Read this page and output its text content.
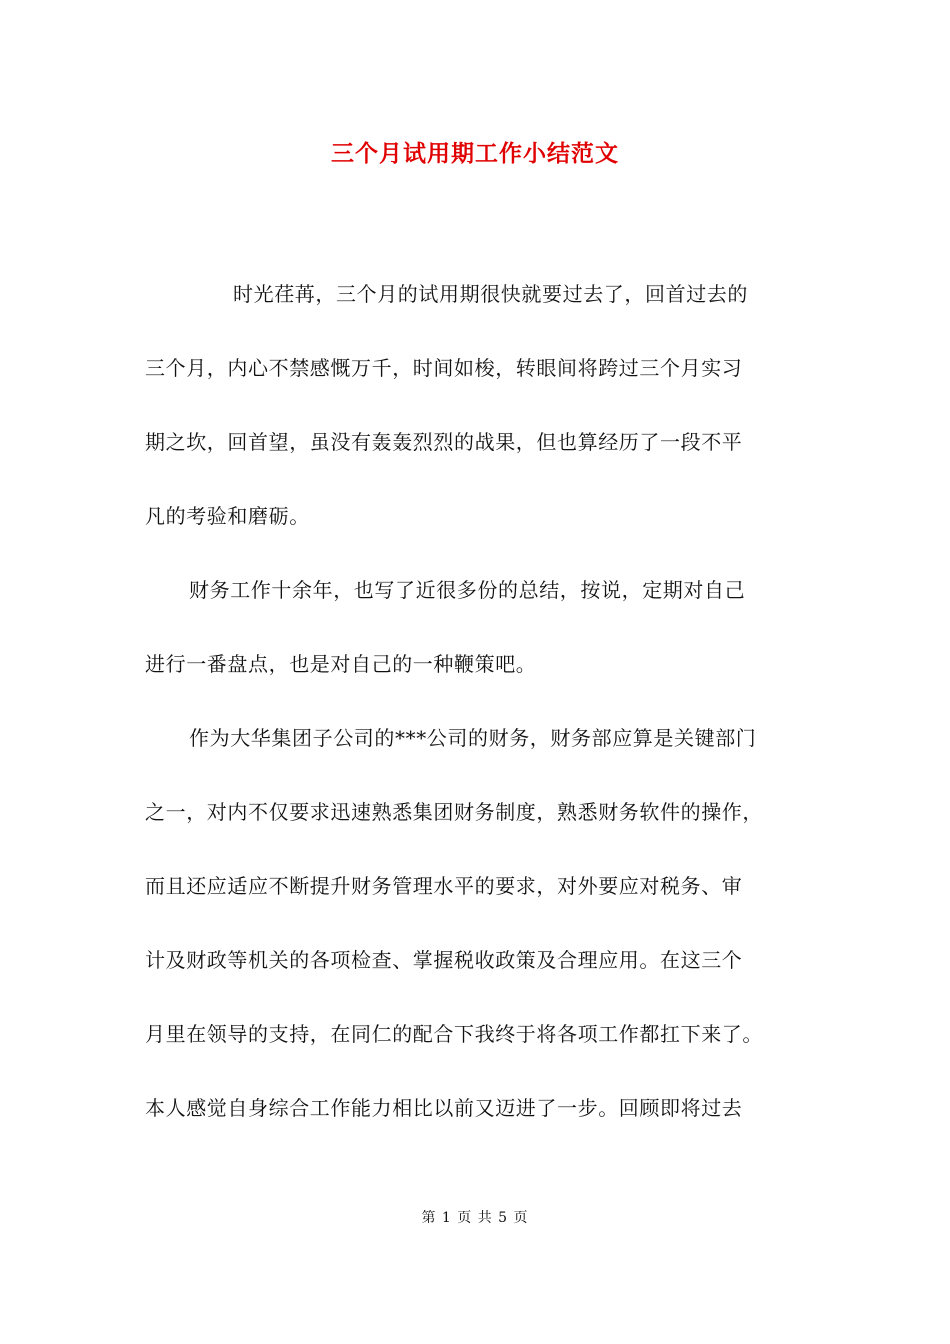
三个月试用期工作小结范文
时光荏苒，三个月的试用期很快就要过去了，回首过去的
三个月，内心不禁感慨万千，时间如梭，转眼间将跨过三个月实习
期之坎，回首望，虽没有轰轰烈烈的战果，但也算经历了一段不平
凡的考验和磨砺。
财务工作十余年，也写了近很多份的总结，按说，定期对自己
进行一番盘点，也是对自己的一种鞭策吧。
作为大华集团子公司的***公司的财务，财务部应算是关键部门
之一，对内不仅要求迅速熟悉集团财务制度，熟悉财务软件的操作，
而且还应适应不断提升财务管理水平的要求，对外要应对税务、审
计及财政等机关的各项检查、掌握税收政策及合理应用。在这三个
月里在领导的支持，在同仁的配合下我终于将各项工作都扛下来了。
本人感觉自身综合工作能力相比以前又迈进了一步。回顾即将过去
第 1 页 共 5 页
